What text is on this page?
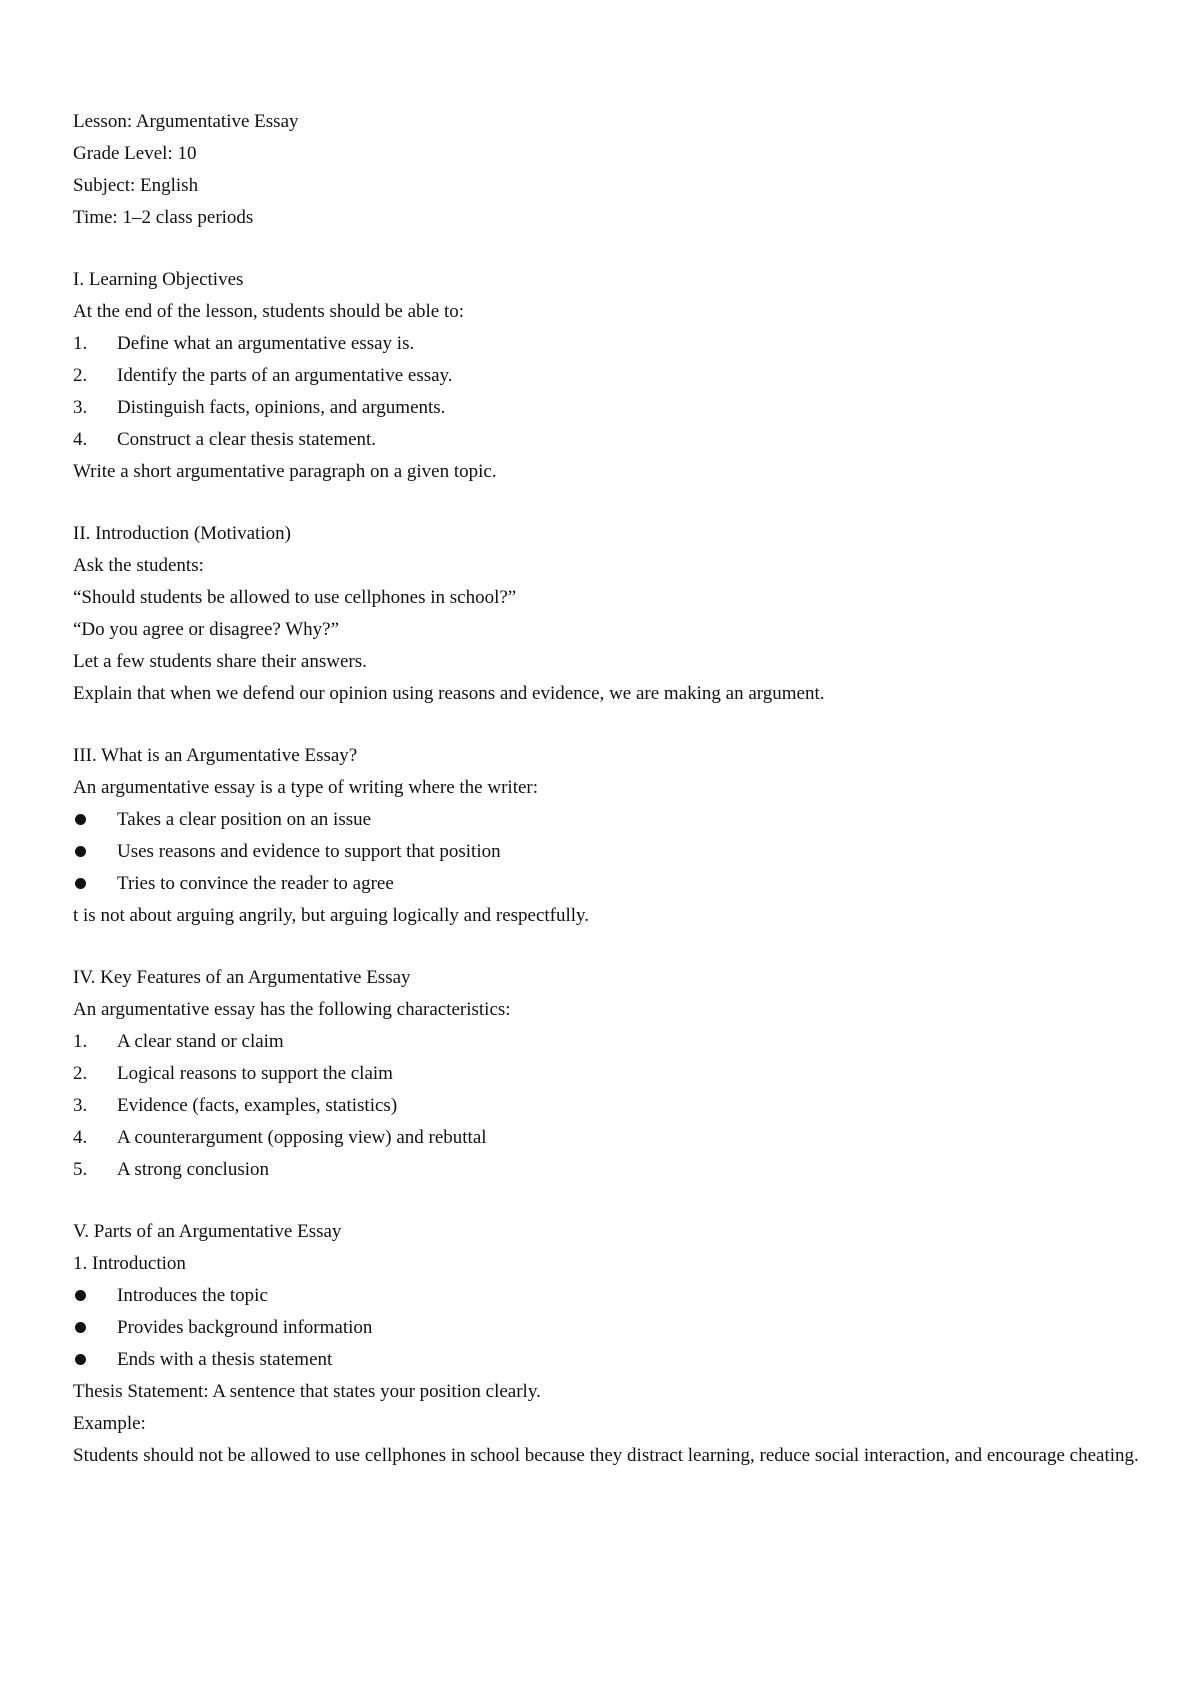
Lesson: Argumentative Essay

Grade Level: 10

Subject: English

Time: 1–2 class periods

I. Learning Objectives

At the end of the lesson, students should be able to:

1.	Define what an argumentative essay is.
2.	Identify the parts of an argumentative essay.
3.	Distinguish facts, opinions, and arguments.
4.	Construct a clear thesis statement.

Write a short argumentative paragraph on a given topic.

II. Introduction (Motivation)

Ask the students:

“Should students be allowed to use cellphones in school?”

“Do you agree or disagree? Why?”

Let a few students share their answers.

Explain that when we defend our opinion using reasons and evidence, we are making an argument.

III. What is an Argumentative Essay?

An argumentative essay is a type of writing where the writer:

Takes a clear position on an issue
Uses reasons and evidence to support that position
Tries to convince the reader to agree

t is not about arguing angrily, but arguing logically and respectfully.

IV. Key Features of an Argumentative Essay

An argumentative essay has the following characteristics:

1.	A clear stand or claim
2.	Logical reasons to support the claim
3.	Evidence (facts, examples, statistics)
4.	A counterargument (opposing view) and rebuttal
5.	A strong conclusion

V. Parts of an Argumentative Essay

1. Introduction

Introduces the topic
Provides background information
Ends with a thesis statement

Thesis Statement: A sentence that states your position clearly.

Example:

Students should not be allowed to use cellphones in school because they distract learning, reduce social interaction, and encourage cheating.
